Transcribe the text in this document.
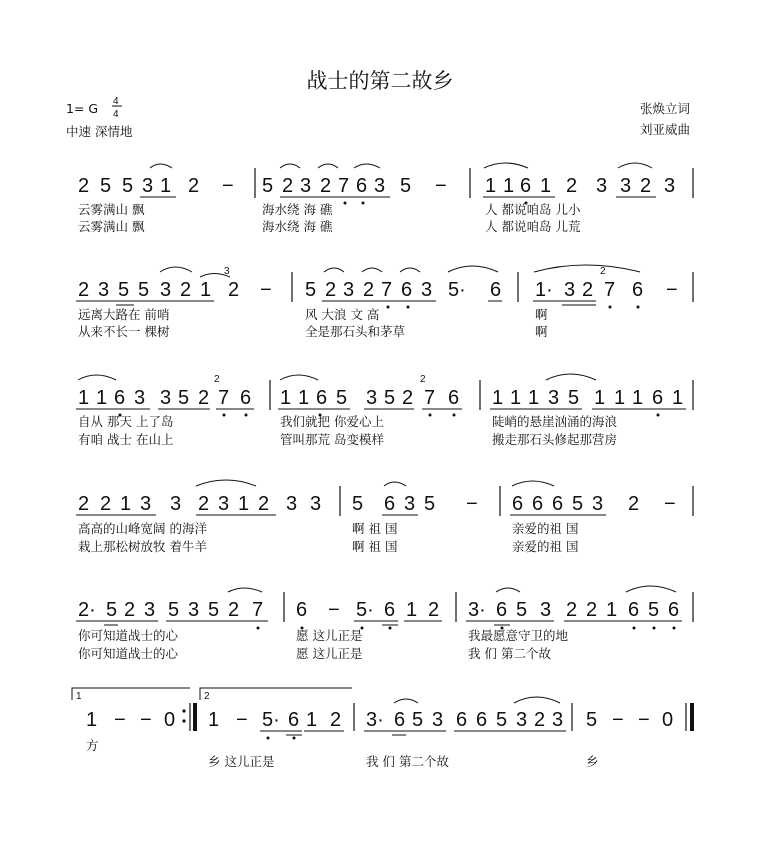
战士的第二故乡
1= G 4
4
中速 深情地
张焕立词
刘亚威曲
2 5 5 3 1 2 − 5 2 3 2 7 6 3 5 − 1 1 6 1 2 3 3 2 3
云雾满山 飘	海水绕 海 礁	人 都说咱岛 儿小
云雾满山 飘	海水绕 海 礁	人 都说咱岛 儿荒
2 3 5 5 3 2 1 2 −
3
5 2 3 2 7 6 3 5· 6 1· 3 2 7 6 −
2
远离大路在 前哨	风 大浪 文 高	啊
从来不长一 棵树	全是那石头和茅草	啊
1 1 6 3 3 5 2 7 6
2
1 1 6 5 3 5 2 7 6
2
1 1 1 3 5 1 1 1 6 1
自从 那天 上了岛	我们就把 你爱心上	陡峭的悬崖汹涌的海浪
有咱 战士 在山上	管叫那荒 岛变模样	搬走那石头修起那营房
2 2 1 3 3 2 3 1 2 3 3 5 6 3 5 − 6 6 6 5 3 2 −
高高的山峰宽阔 的海洋	啊 祖 国	亲爱的祖 国
栽上那松树放牧 着牛羊	啊 祖 国	亲爱的祖 国
2· 5 2 3 5 3 5 2 7 6 − 5· 6 1 2 3· 6 5 3 2 2 1 6 5 6
你可知道战士的心	愿 这儿正是	我最愿意守卫的地
你可知道战士的心	愿 这儿正是	我 们 第二个故
1	2
1 − − 0 1 − 5· 6 1 2 3· 6 5 3 6 6 5 3 2 3 5 − − 0
方
乡 这儿正是	我 们 第二个故	乡
